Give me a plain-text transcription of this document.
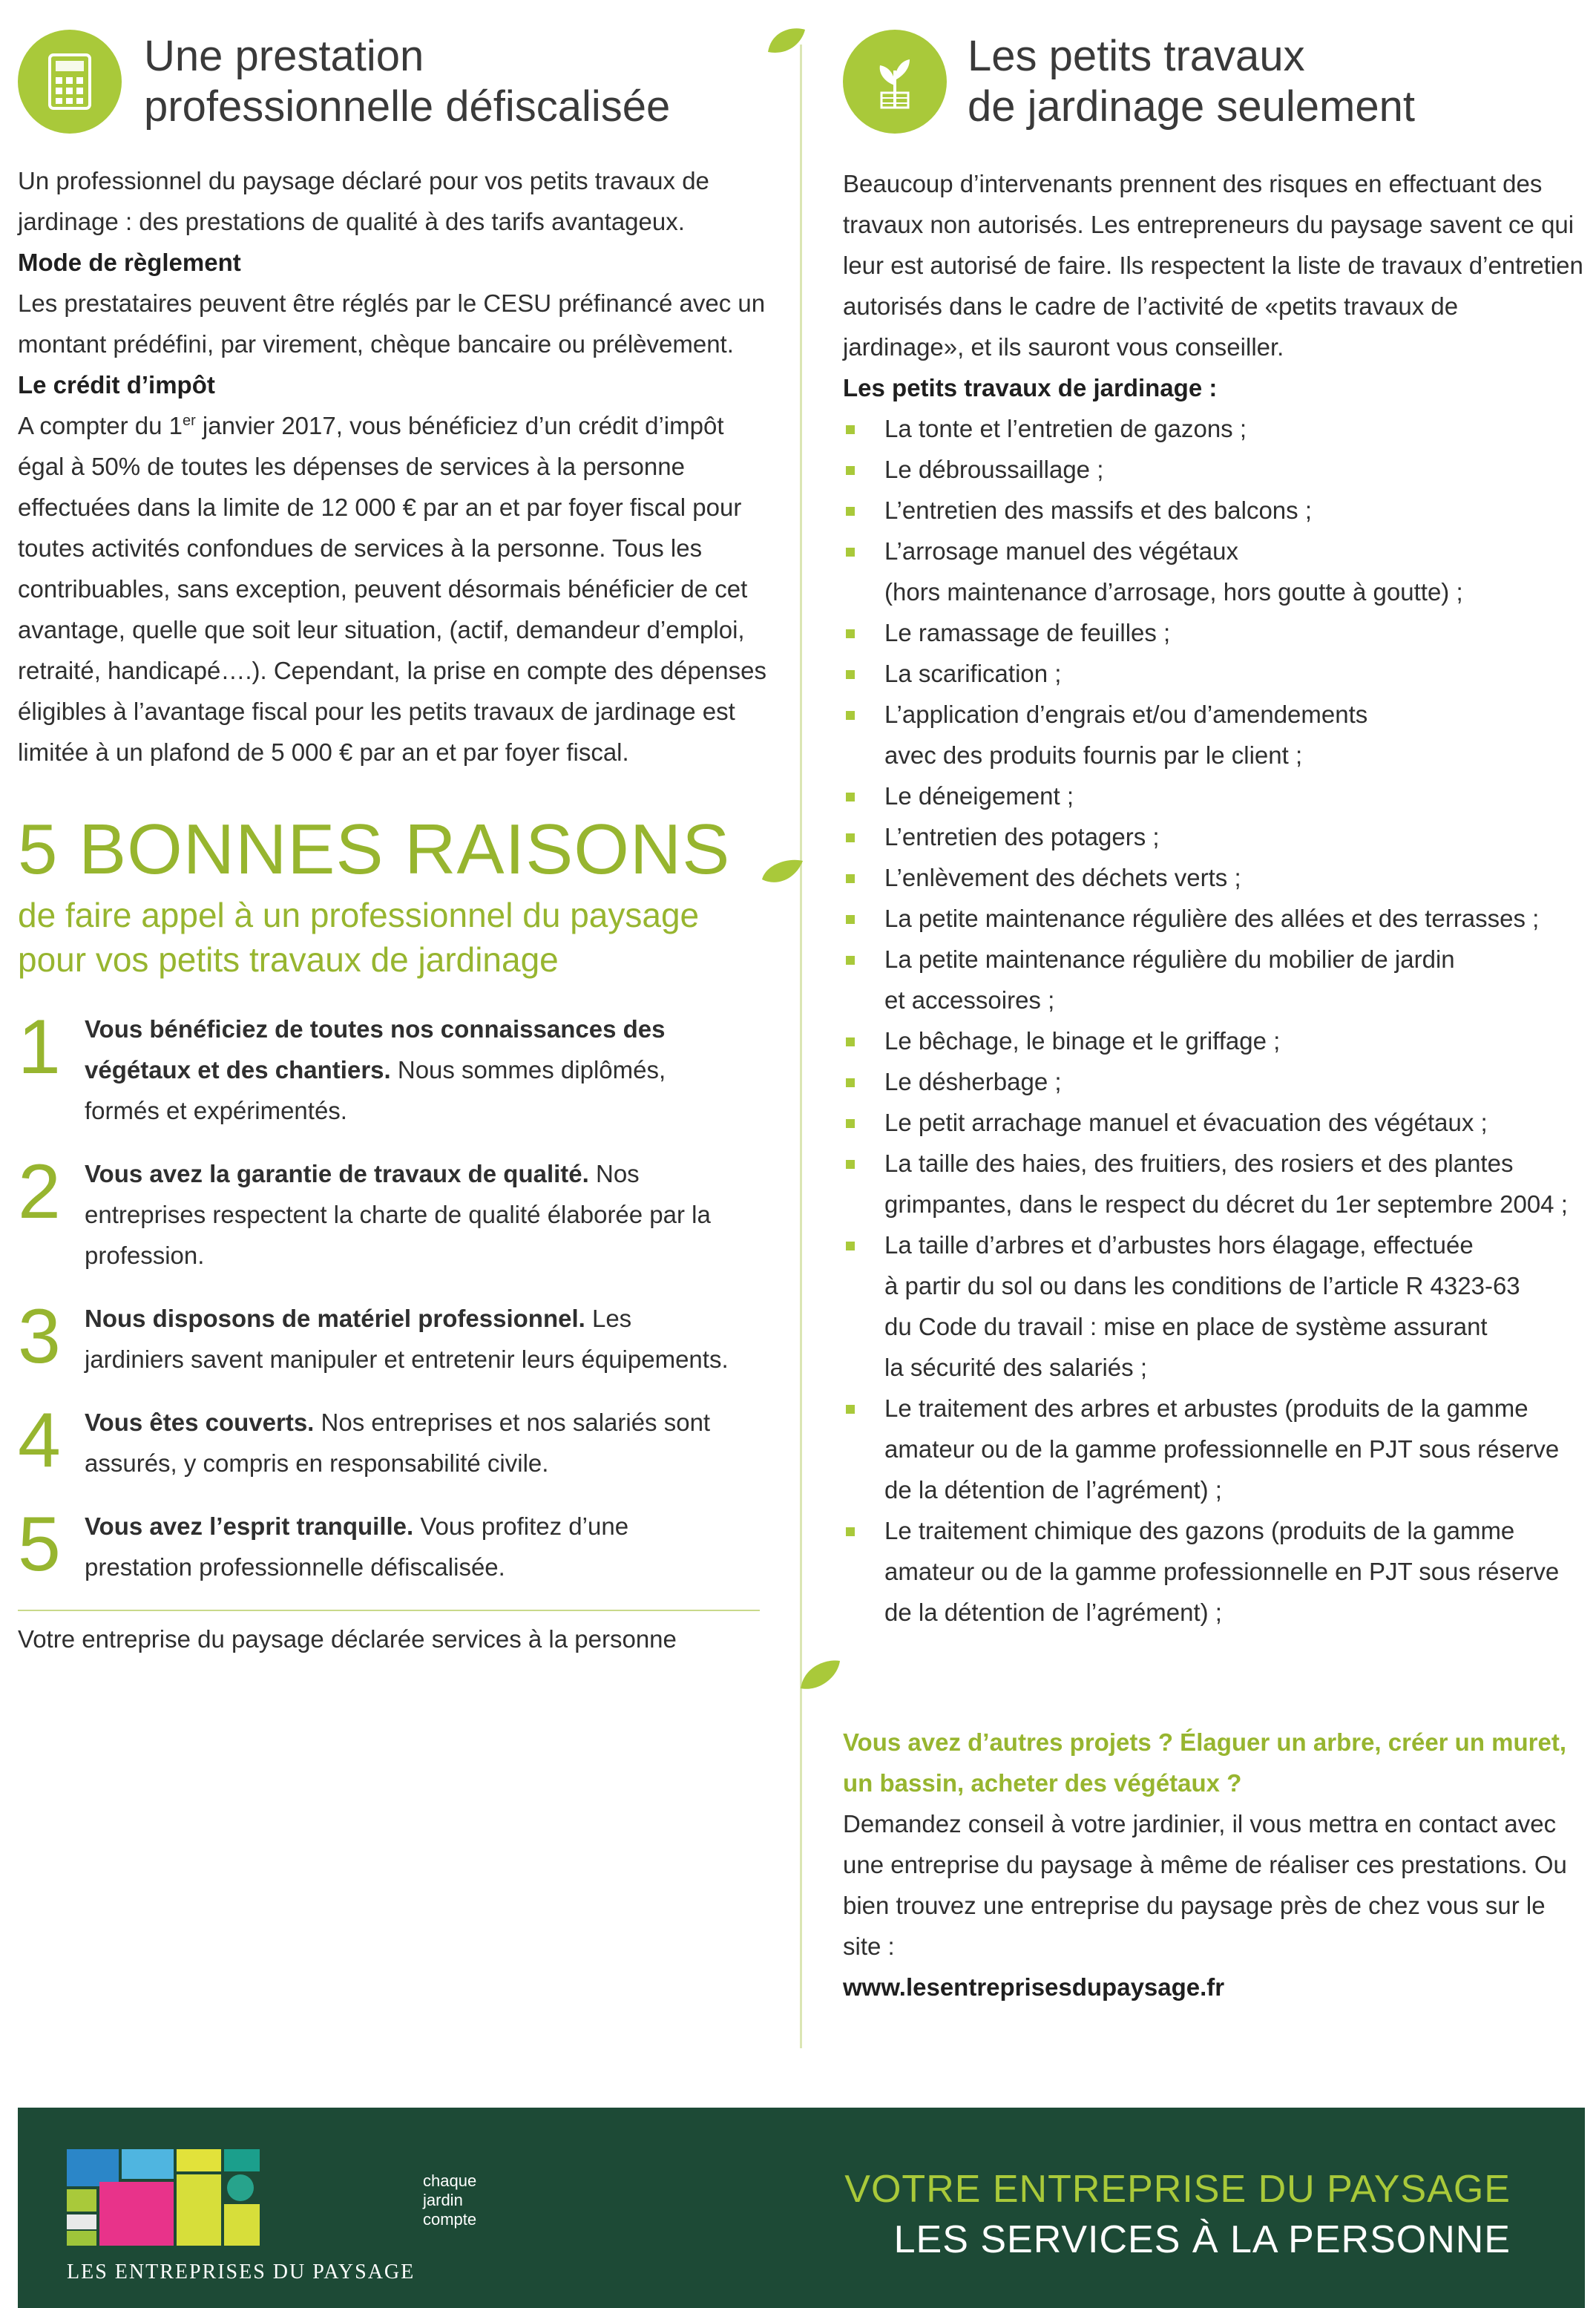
Une prestation
professionnelle défiscalisée
Un professionnel du paysage déclaré pour vos petits travaux de jardinage : des prestations de qualité à des tarifs avantageux.
Mode de règlement
Les prestataires peuvent être réglés par le CESU préfinancé avec un montant prédéfini, par virement, chèque bancaire ou prélèvement.
Le crédit d’impôt
A compter du 1er janvier 2017, vous bénéficiez d’un crédit d’impôt égal à 50% de toutes les dépenses de services à la personne effectuées dans la limite de 12 000 € par an et par foyer fiscal pour toutes activités confondues de services à la personne. Tous les contribuables, sans exception, peuvent désormais bénéficier de cet avantage, quelle que soit leur situation, (actif, demandeur d’emploi, retraité, handicapé….). Cependant, la prise en compte des dépenses éligibles à l’avantage fiscal pour les petits travaux de jardinage est limitée à un plafond de 5 000 € par an et par foyer fiscal.
5 BONNES RAISONS
de faire appel à un professionnel du paysage
pour vos petits travaux de jardinage
1 Vous bénéficiez de toutes nos connaissances des végétaux et des chantiers. Nous sommes diplômés, formés et expérimentés.
2 Vous avez la garantie de travaux de qualité. Nos entreprises respectent la charte de qualité élaborée par la profession.
3 Nous disposons de matériel professionnel. Les jardiniers savent manipuler et entretenir leurs équipements.
4 Vous êtes couverts. Nos entreprises et nos salariés sont assurés, y compris en responsabilité civile.
5 Vous avez l’esprit tranquille. Vous profitez d’une prestation professionnelle défiscalisée.
Votre entreprise du paysage déclarée services à la personne
Les petits travaux
de jardinage seulement
Beaucoup d’intervenants prennent des risques en effectuant des travaux non autorisés. Les entrepreneurs du paysage savent ce qui leur est autorisé de faire. Ils respectent la liste de travaux d’entretien autorisés dans le cadre de l’activité de «petits travaux de jardinage», et ils sauront vous conseiller.
Les petits travaux de jardinage :
La tonte et l’entretien de gazons ;
Le débroussaillage ;
L’entretien des massifs et des balcons ;
L’arrosage manuel des végétaux
(hors maintenance d’arrosage, hors goutte à goutte) ;
Le ramassage de feuilles ;
La scarification ;
L’application d’engrais et/ou d’amendements
avec des produits fournis par le client ;
Le déneigement ;
L’entretien des potagers ;
L’enlèvement des déchets verts ;
La petite maintenance régulière des allées et des terrasses ;
La petite maintenance régulière du mobilier de jardin
et accessoires ;
Le bêchage, le binage et le griffage ;
Le désherbage ;
Le petit arrachage manuel et évacuation des végétaux ;
La taille des haies, des fruitiers, des rosiers et des plantes grimpantes, dans le respect du décret du 1er septembre 2004 ;
La taille d’arbres et d’arbustes hors élagage, effectuée
à partir du sol ou dans les conditions de l’article R 4323-63
du Code du travail : mise en place de système assurant
la sécurité des salariés ;
Le traitement des arbres et arbustes (produits de la gamme amateur ou de la gamme professionnelle en PJT sous réserve de la détention de l’agrément) ;
Le traitement chimique des gazons (produits de la gamme amateur ou de la gamme professionnelle en PJT sous réserve de la détention de l’agrément) ;
Vous avez d’autres projets ? Élaguer un arbre, créer un muret, un bassin, acheter des végétaux ?
Demandez conseil à votre jardinier, il vous mettra en contact avec une entreprise du paysage à même de réaliser ces prestations. Ou bien trouvez une entreprise du paysage près de chez vous sur le site :
www.lesentreprisesdupaysage.fr
chaque
jardin
compte
LES ENTREPRISES DU PAYSAGE
VOTRE ENTREPRISE DU PAYSAGE
LES SERVICES À LA PERSONNE
